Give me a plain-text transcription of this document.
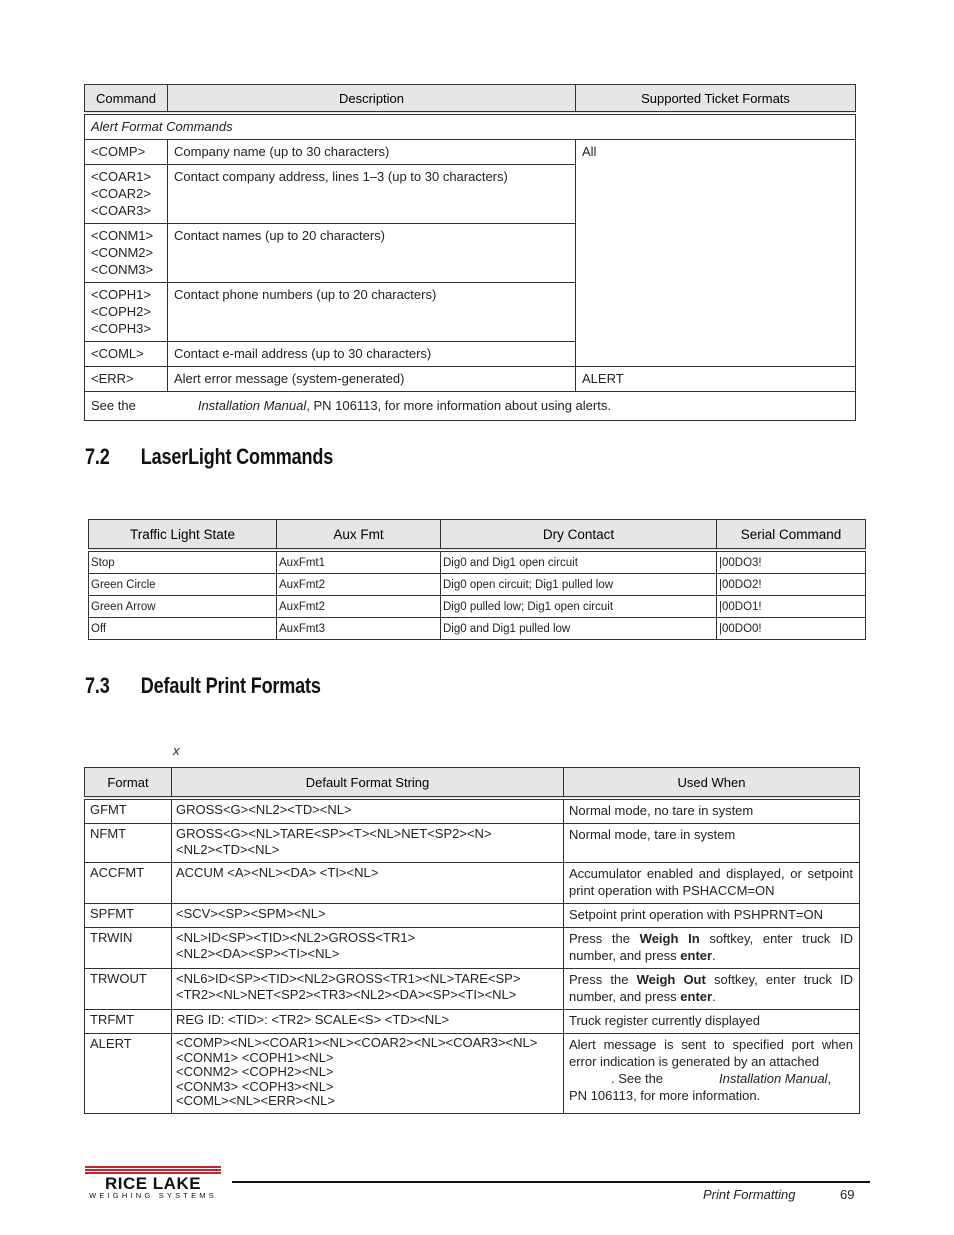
Command	Description	Supported Ticket Formats
Alert Format Commands		
<COMP>	Company name (up to 30 characters)	All
<COAR1>
<COAR2>
<COAR3>	Contact company address, lines 1–3 (up to 30 characters)	
<CONM1>
<CONM2>
<CONM3>	Contact names (up to 20 characters)	
<COPH1>
<COPH2>
<COPH3>	Contact phone numbers (up to 20 characters)	
<COML>	Contact e-mail address (up to 30 characters)	
<ERR>	Alert error message (system-generated)	ALERT
See the Installation Manual, PN 106113, for more information about using alerts.		
7.2 LaserLight Commands
Traffic Light State	Aux Fmt	Dry Contact	Serial Command
Stop	AuxFmt1	Dig0 and Dig1 open circuit	|00DO3!
Green Circle	AuxFmt2	Dig0 open circuit; Dig1 pulled low	|00DO2!
Green Arrow	AuxFmt2	Dig0 pulled low; Dig1 open circuit	|00DO1!
Off	AuxFmt3	Dig0 and Dig1 pulled low	|00DO0!
7.3 Default Print Formats
x
Format	Default Format String	Used When
GFMT	GROSS<G><NL2><TD><NL>	Normal mode, no tare in system
NFMT	GROSS<G><NL>TARE<SP><T><NL>NET<SP2><N>
<NL2><TD><NL>	Normal mode, tare in system
ACCFMT	ACCUM <A><NL><DA> <TI><NL>	Accumulator enabled and displayed, or setpoint print operation with PSHACCM=ON
SPFMT	<SCV><SP><SPM><NL>	Setpoint print operation with PSHPRNT=ON
TRWIN	<NL>ID<SP><TID><NL2>GROSS<TR1>
<NL2><DA><SP><TI><NL>	Press the Weigh In softkey, enter truck ID number, and press enter.
TRWOUT	<NL6>ID<SP><TID><NL2>GROSS<TR1><NL>TARE<SP>
<TR2><NL>NET<SP2><TR3><NL2><DA><SP><TI><NL>	Press the Weigh Out softkey, enter truck ID number, and press enter.
TRFMT	REG ID: <TID>: <TR2> SCALE<S> <TD><NL>	Truck register currently displayed
ALERT	<COMP><NL><COAR1><NL><COAR2><NL><COAR3><NL>
<CONM1> <COPH1><NL>
<CONM2> <COPH2><NL>
<CONM3> <COPH3><NL>
<COML><NL><ERR><NL>	Alert message is sent to specified port when error indication is generated by an attached
. See the Installation Manual,
PN 106113, for more information.
RICE LAKE
WEIGHING SYSTEMS	Print Formatting	69
